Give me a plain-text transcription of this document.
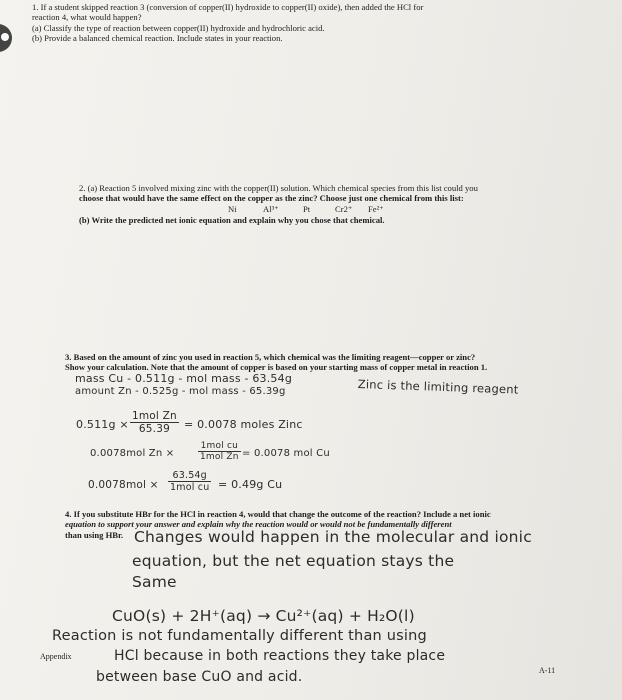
1. If a student skipped reaction 3 (conversion of copper(II) hydroxide to copper(II) oxide), then added the HCl for
reaction 4, what would happen?
(a) Classify the type of reaction between copper(II) hydroxide and hydrochloric acid.
(b) Provide a balanced chemical reaction. Include states in your reaction.
2. (a) Reaction 5 involved mixing zinc with the copper(II) solution. Which chemical species from this list could you
choose that would have the same effect on the copper as the zinc? Choose just one chemical from this list:
Ni	Al³⁺	Pt	Cr2⁺ Fe²⁺
(b) Write the predicted net ionic equation and explain why you chose that chemical.
3. Based on the amount of zinc you used in reaction 5, which chemical was the limiting reagent—copper or zinc?
Show your calculation. Note that the amount of copper is based on your starting mass of copper metal in reaction 1.
mass Cu - 0.511g - mol mass - 63.54g
amount Zn - 0.525g - mol mass - 65.39g	Zinc is the limiting reagent
0.511g ×
1mol Zn
65.39	= 0.0078 moles Zinc
0.0078mol Zn ×
1mol cu
1mol Zn = 0.0078 mol Cu
0.0078mol ×
63.54g
1mol cu = 0.49g Cu
4. If you substitute HBr for the HCl in reaction 4, would that change the outcome of the reaction? Include a net ionic
equation to support your answer and explain why the reaction would or would not be fundamentally different
than using HBr. Changes would happen in the molecular and ionic
equation, but the net equation stays the
Same
CuO(s) + 2H⁺(aq) → Cu²⁺(aq) + H₂O(l)
Reaction is not fundamentally different than using
HCl because in both reactions they take place
between base CuO and acid.
Appendix
A-11
